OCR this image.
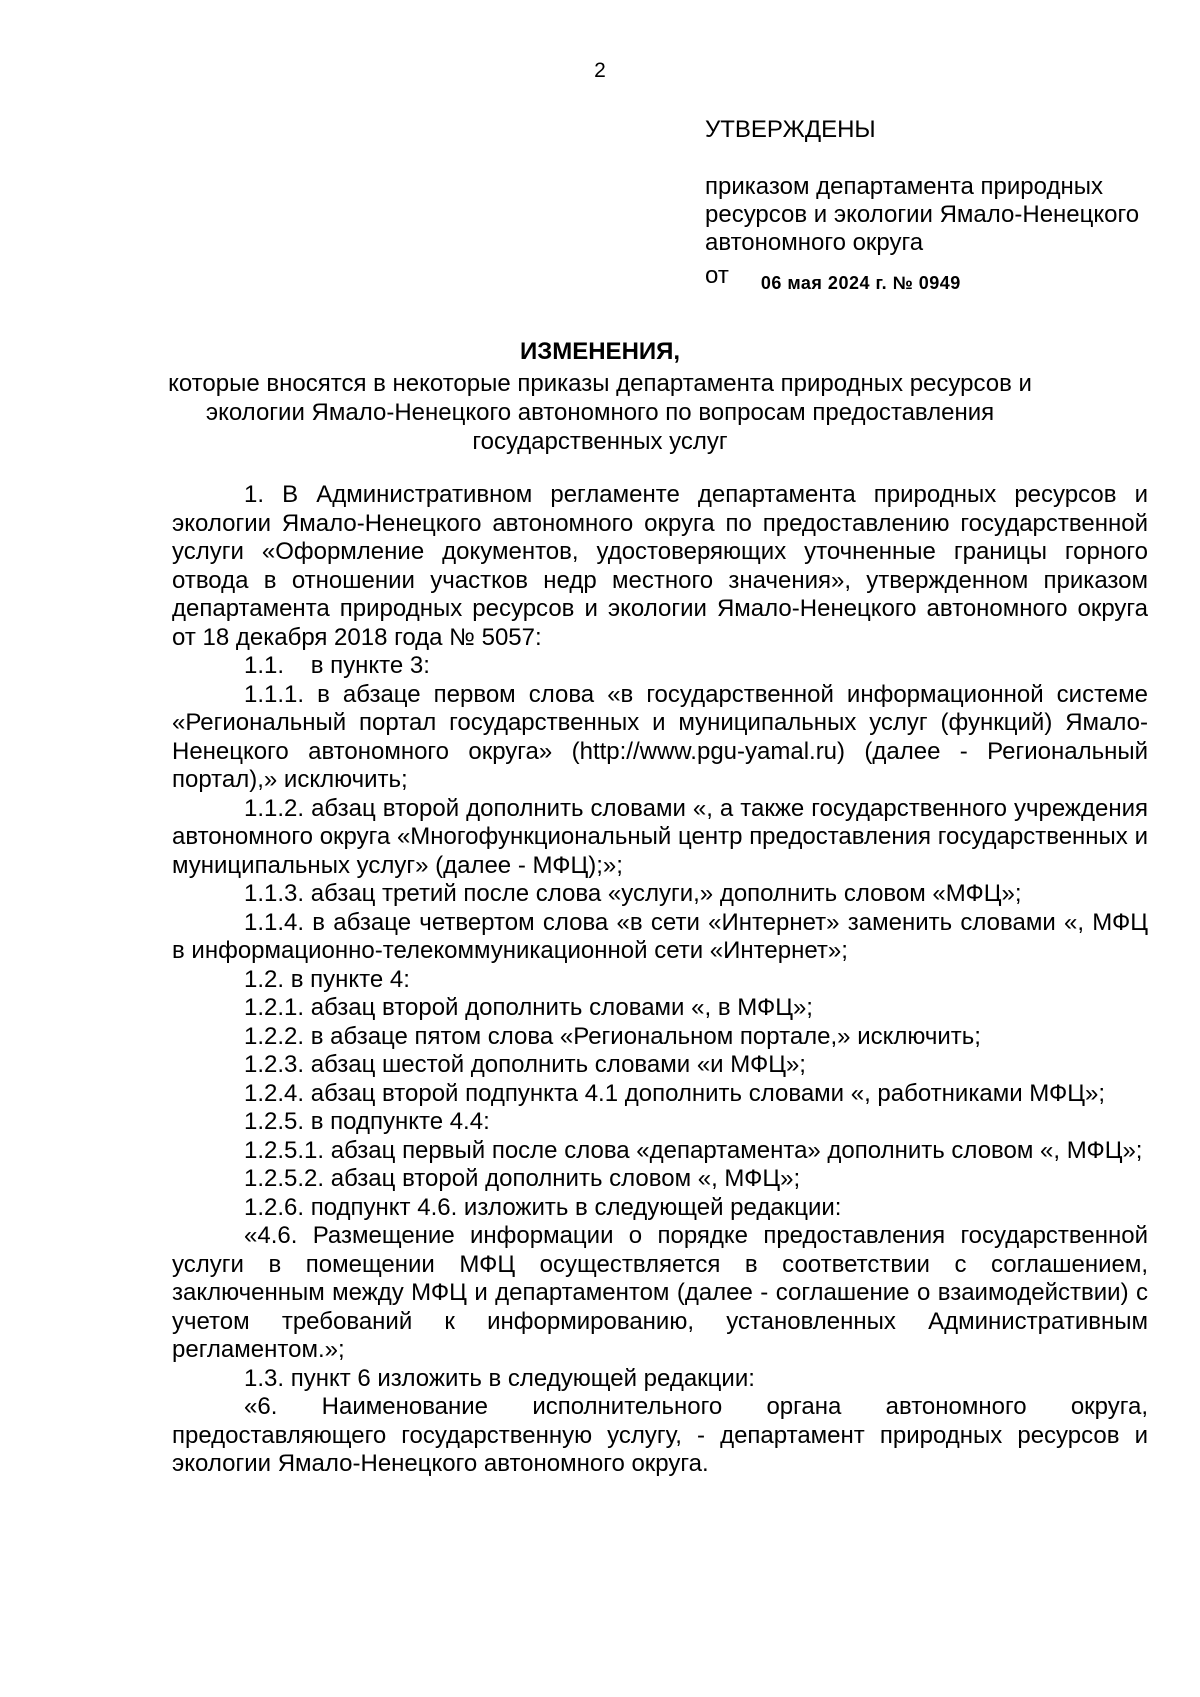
2
УТВЕРЖДЕНЫ
приказом департамента природных ресурсов и экологии Ямало-Ненецкого автономного округа
от 06 мая 2024 г. № 0949
ИЗМЕНЕНИЯ,
которые вносятся в некоторые приказы департамента природных ресурсов и экологии Ямало-Ненецкого автономного по вопросам предоставления государственных услуг

1. В Административном регламенте департамента природных ресурсов и экологии Ямало-Ненецкого автономного округа по предоставлению государственной услуги «Оформление документов, удостоверяющих уточненные границы горного отвода в отношении участков недр местного значения», утвержденном приказом департамента природных ресурсов и экологии Ямало-Ненецкого автономного округа от 18 декабря 2018 года № 5057:

1.1.    в пункте 3:

1.1.1. в абзаце первом слова «в государственной информационной системе «Региональный портал государственных и муниципальных услуг (функций) Ямало-Ненецкого автономного округа» (http://www.pgu-yamal.ru) (далее - Региональный портал),» исключить;

1.1.2. абзац второй дополнить словами «, а также государственного учреждения автономного округа «Многофункциональный центр предоставления государственных и муниципальных услуг» (далее - МФЦ);»;

1.1.3. абзац третий после слова «услуги,» дополнить словом «МФЦ»;

1.1.4. в абзаце четвертом слова «в сети «Интернет» заменить словами «, МФЦ в информационно-телекоммуникационной сети «Интернет»;

1.2. в пункте 4:

1.2.1. абзац второй дополнить словами «, в МФЦ»;

1.2.2. в абзаце пятом слова «Региональном портале,» исключить;

1.2.3. абзац шестой дополнить словами «и МФЦ»;

1.2.4. абзац второй подпункта 4.1 дополнить словами «, работниками МФЦ»;

1.2.5. в подпункте 4.4:

1.2.5.1. абзац первый после слова «департамента» дополнить словом «, МФЦ»;

1.2.5.2. абзац второй дополнить словом «, МФЦ»;

1.2.6. подпункт 4.6. изложить в следующей редакции:

«4.6. Размещение информации о порядке предоставления государственной услуги в помещении МФЦ осуществляется в соответствии с соглашением, заключенным между МФЦ и департаментом (далее - соглашение о взаимодействии) с учетом требований к информированию, установленных Административным регламентом.»;

1.3. пункт 6 изложить в следующей редакции:

«6. Наименование исполнительного органа автономного округа, предоставляющего государственную услугу, - департамент природных ресурсов и экологии Ямало-Ненецкого автономного округа.
